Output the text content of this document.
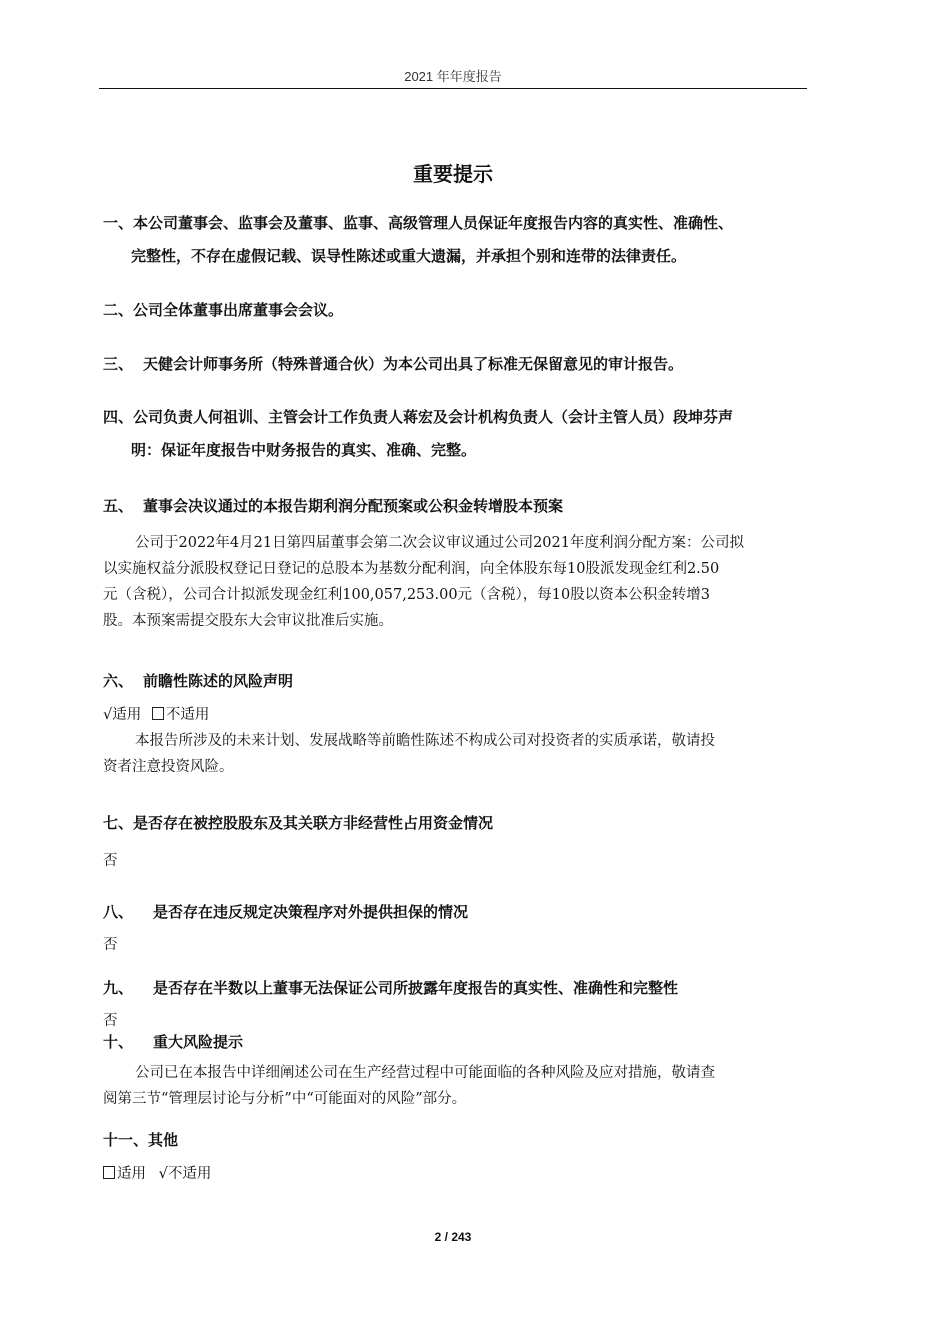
2021 年年度报告
重要提示
一、本公司董事会、监事会及董事、监事、高级管理人员保证年度报告内容的真实性、准确性、
完整性，不存在虚假记载、误导性陈述或重大遗漏，并承担个别和连带的法律责任。
二、公司全体董事出席董事会会议。
三、 天健会计师事务所（特殊普通合伙）为本公司出具了标准无保留意见的审计报告。
四、公司负责人何祖训、主管会计工作负责人蒋宏及会计机构负责人（会计主管人员）段坤芬声
明：保证年度报告中财务报告的真实、准确、完整。
五、 董事会决议通过的本报告期利润分配预案或公积金转增股本预案
公司于2022年4月21日第四届董事会第二次会议审议通过公司2021年度利润分配方案：公司拟
以实施权益分派股权登记日登记的总股本为基数分配利润，向全体股东每10股派发现金红利2.50
元（含税），公司合计拟派发现金红利100,057,253.00元（含税），每10股以资本公积金转增3
股。本预案需提交股东大会审议批准后实施。
六、 前瞻性陈述的风险声明
√适用 不适用
本报告所涉及的未来计划、发展战略等前瞻性陈述不构成公司对投资者的实质承诺，敬请投
资者注意投资风险。
七、是否存在被控股股东及其关联方非经营性占用资金情况
否
八、 是否存在违反规定决策程序对外提供担保的情况
否
九、 是否存在半数以上董事无法保证公司所披露年度报告的真实性、准确性和完整性
否
十、 重大风险提示
公司已在本报告中详细阐述公司在生产经营过程中可能面临的各种风险及应对措施，敬请查
阅第三节“管理层讨论与分析”中“可能面对的风险”部分。
十一、其他
适用 √不适用
2 / 243
